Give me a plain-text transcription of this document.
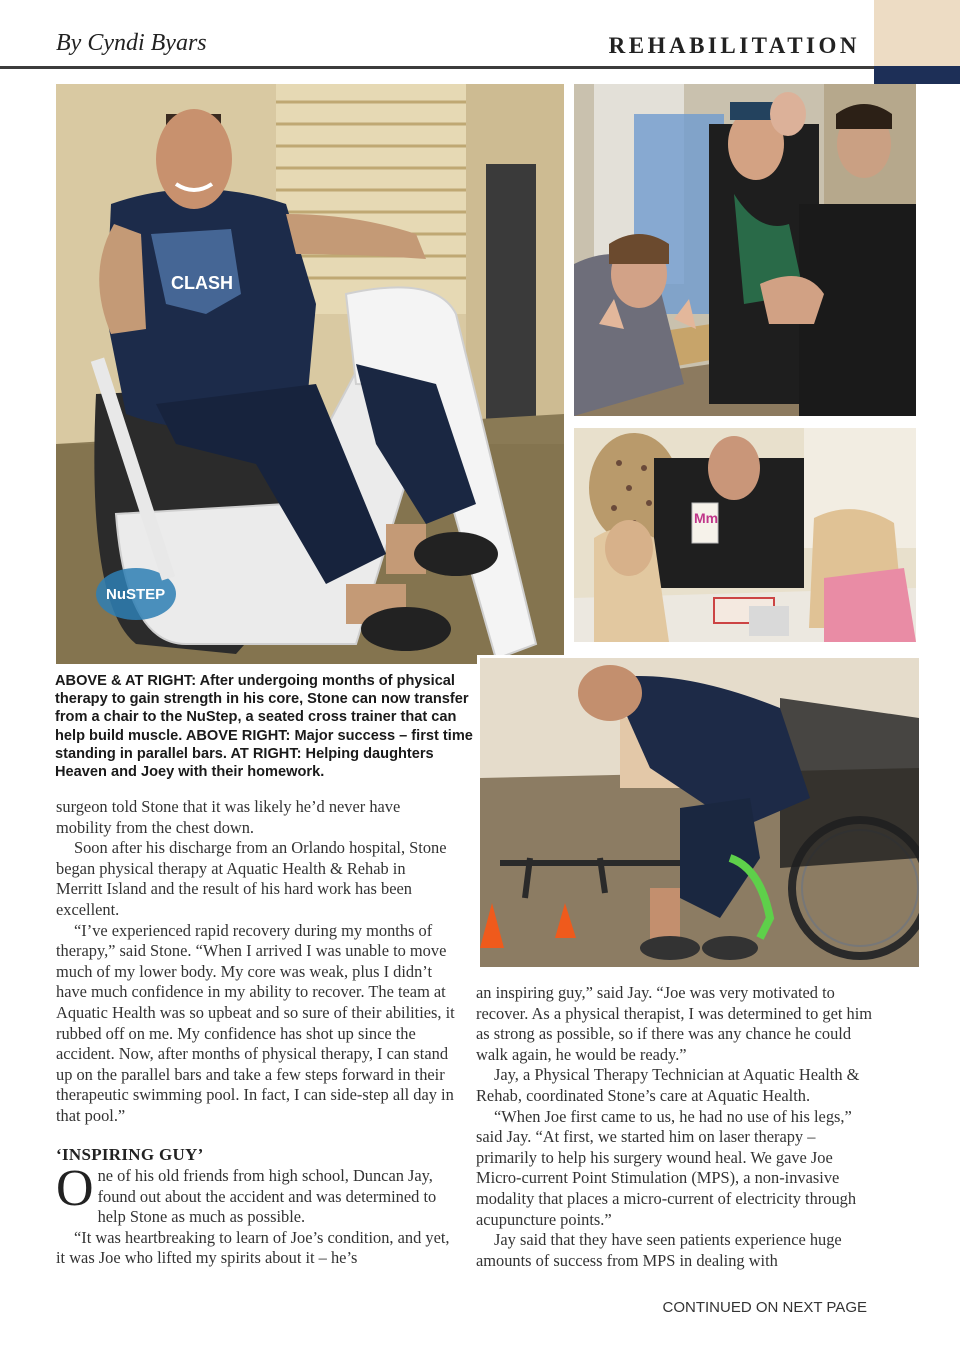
By Cyndi Byars	REHABILITATION
NuSTEP
CLASH
Mm
ABOVE & AT RIGHT: After undergoing months of physical therapy to gain strength in his core, Stone can now transfer from a chair to the NuStep, a seated cross trainer that can help build muscle. ABOVE RIGHT: Major success – first time standing in parallel bars. AT RIGHT: Helping daughters Heaven and Joey with their homework.

surgeon told Stone that it was likely he’d never have mobility from the chest down.

Soon after his discharge from an Orlando hospital, Stone began physical therapy at Aquatic Health & Rehab in Merritt Island and the result of his hard work has been excellent.

“I’ve experienced rapid recovery during my months of therapy,” said Stone. “When I arrived I was unable to move much of my lower body. My core was weak, plus I didn’t have much confidence in my ability to recover. The team at Aquatic Health was so upbeat and so sure of their abilities, it rubbed off on me. My confidence has shot up since the accident. Now, after months of physical therapy, I can stand up on the parallel bars and take a few steps forward in their therapeutic swimming pool. In fact, I can side-step all day in that pool.”

‘INSPIRING GUY’

One of his old friends from high school, Duncan Jay, found out about the accident and was determined to help Stone as much as possible.

“It was heartbreaking to learn of Joe’s condition, and yet, it was Joe who lifted my spirits about it – he’s

an inspiring guy,” said Jay. “Joe was very motivated to recover. As a physical therapist, I was determined to get him as strong as possible, so if there was any chance he could walk again, he would be ready.”

Jay, a Physical Therapy Technician at Aquatic Health & Rehab, coordinated Stone’s care at Aquatic Health.

“When Joe first came to us, he had no use of his legs,” said Jay. “At first, we started him on laser therapy – primarily to help his surgery wound heal. We gave Joe Micro-current Point Stimulation (MPS), a non-invasive modality that places a micro-current of electricity through acupuncture points.”

Jay said that they have seen patients experience huge amounts of success from MPS in dealing with

CONTINUED ON NEXT PAGE
